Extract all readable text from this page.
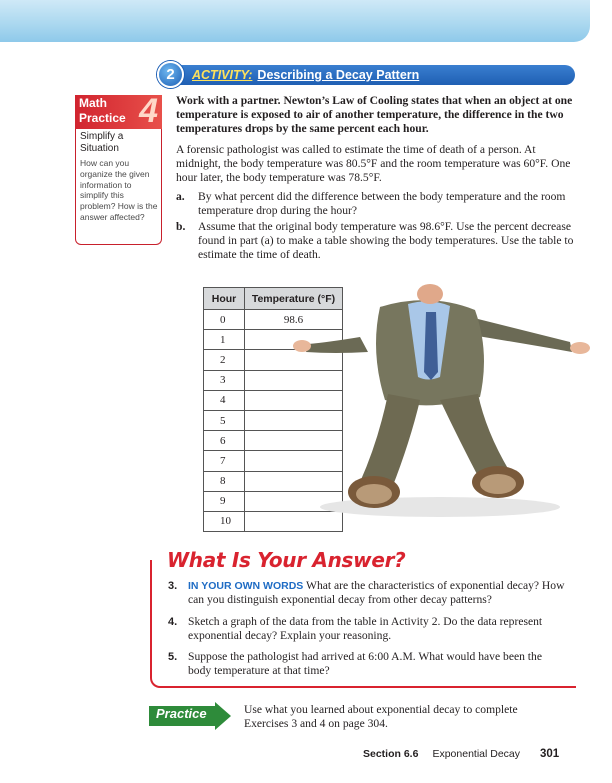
ACTIVITY: Describing a Decay Pattern
2
Math
Practice 4
Simplify a Situation
How can you organize the given information to simplify this problem? How is the answer affected?
Work with a partner. Newton’s Law of Cooling states that when an object at one temperature is exposed to air of another temperature, the difference in the two temperatures drops by the same percent each hour.
A forensic pathologist was called to estimate the time of death of a person. At midnight, the body temperature was 80.5°F and the room temperature was 60°F. One hour later, the body temperature was 78.5°F.
a.	By what percent did the difference between the body temperature and the room temperature drop during the hour?
b.	Assume that the original body temperature was 98.6°F. Use the percent decrease found in part (a) to make a table showing the body temperatures. Use the table to estimate the time of death.
Hour	Temperature (°F)
0	98.6
1	
2	
3	
4	
5	
6	
7	
8	
9	
10	
What Is Your Answer?
3.	IN YOUR OWN WORDS What are the characteristics of exponential decay? How can you distinguish exponential decay from other decay patterns?
4. Sketch a graph of the data from the table in Activity 2. Do the data represent exponential decay? Explain your reasoning.
5. Suppose the pathologist had arrived at 6:00 A.M. What would have been the body temperature at that time?
Practice	Use what you learned about exponential decay to complete Exercises 3 and 4 on page 304.
Section 6.6 Exponential Decay 301
